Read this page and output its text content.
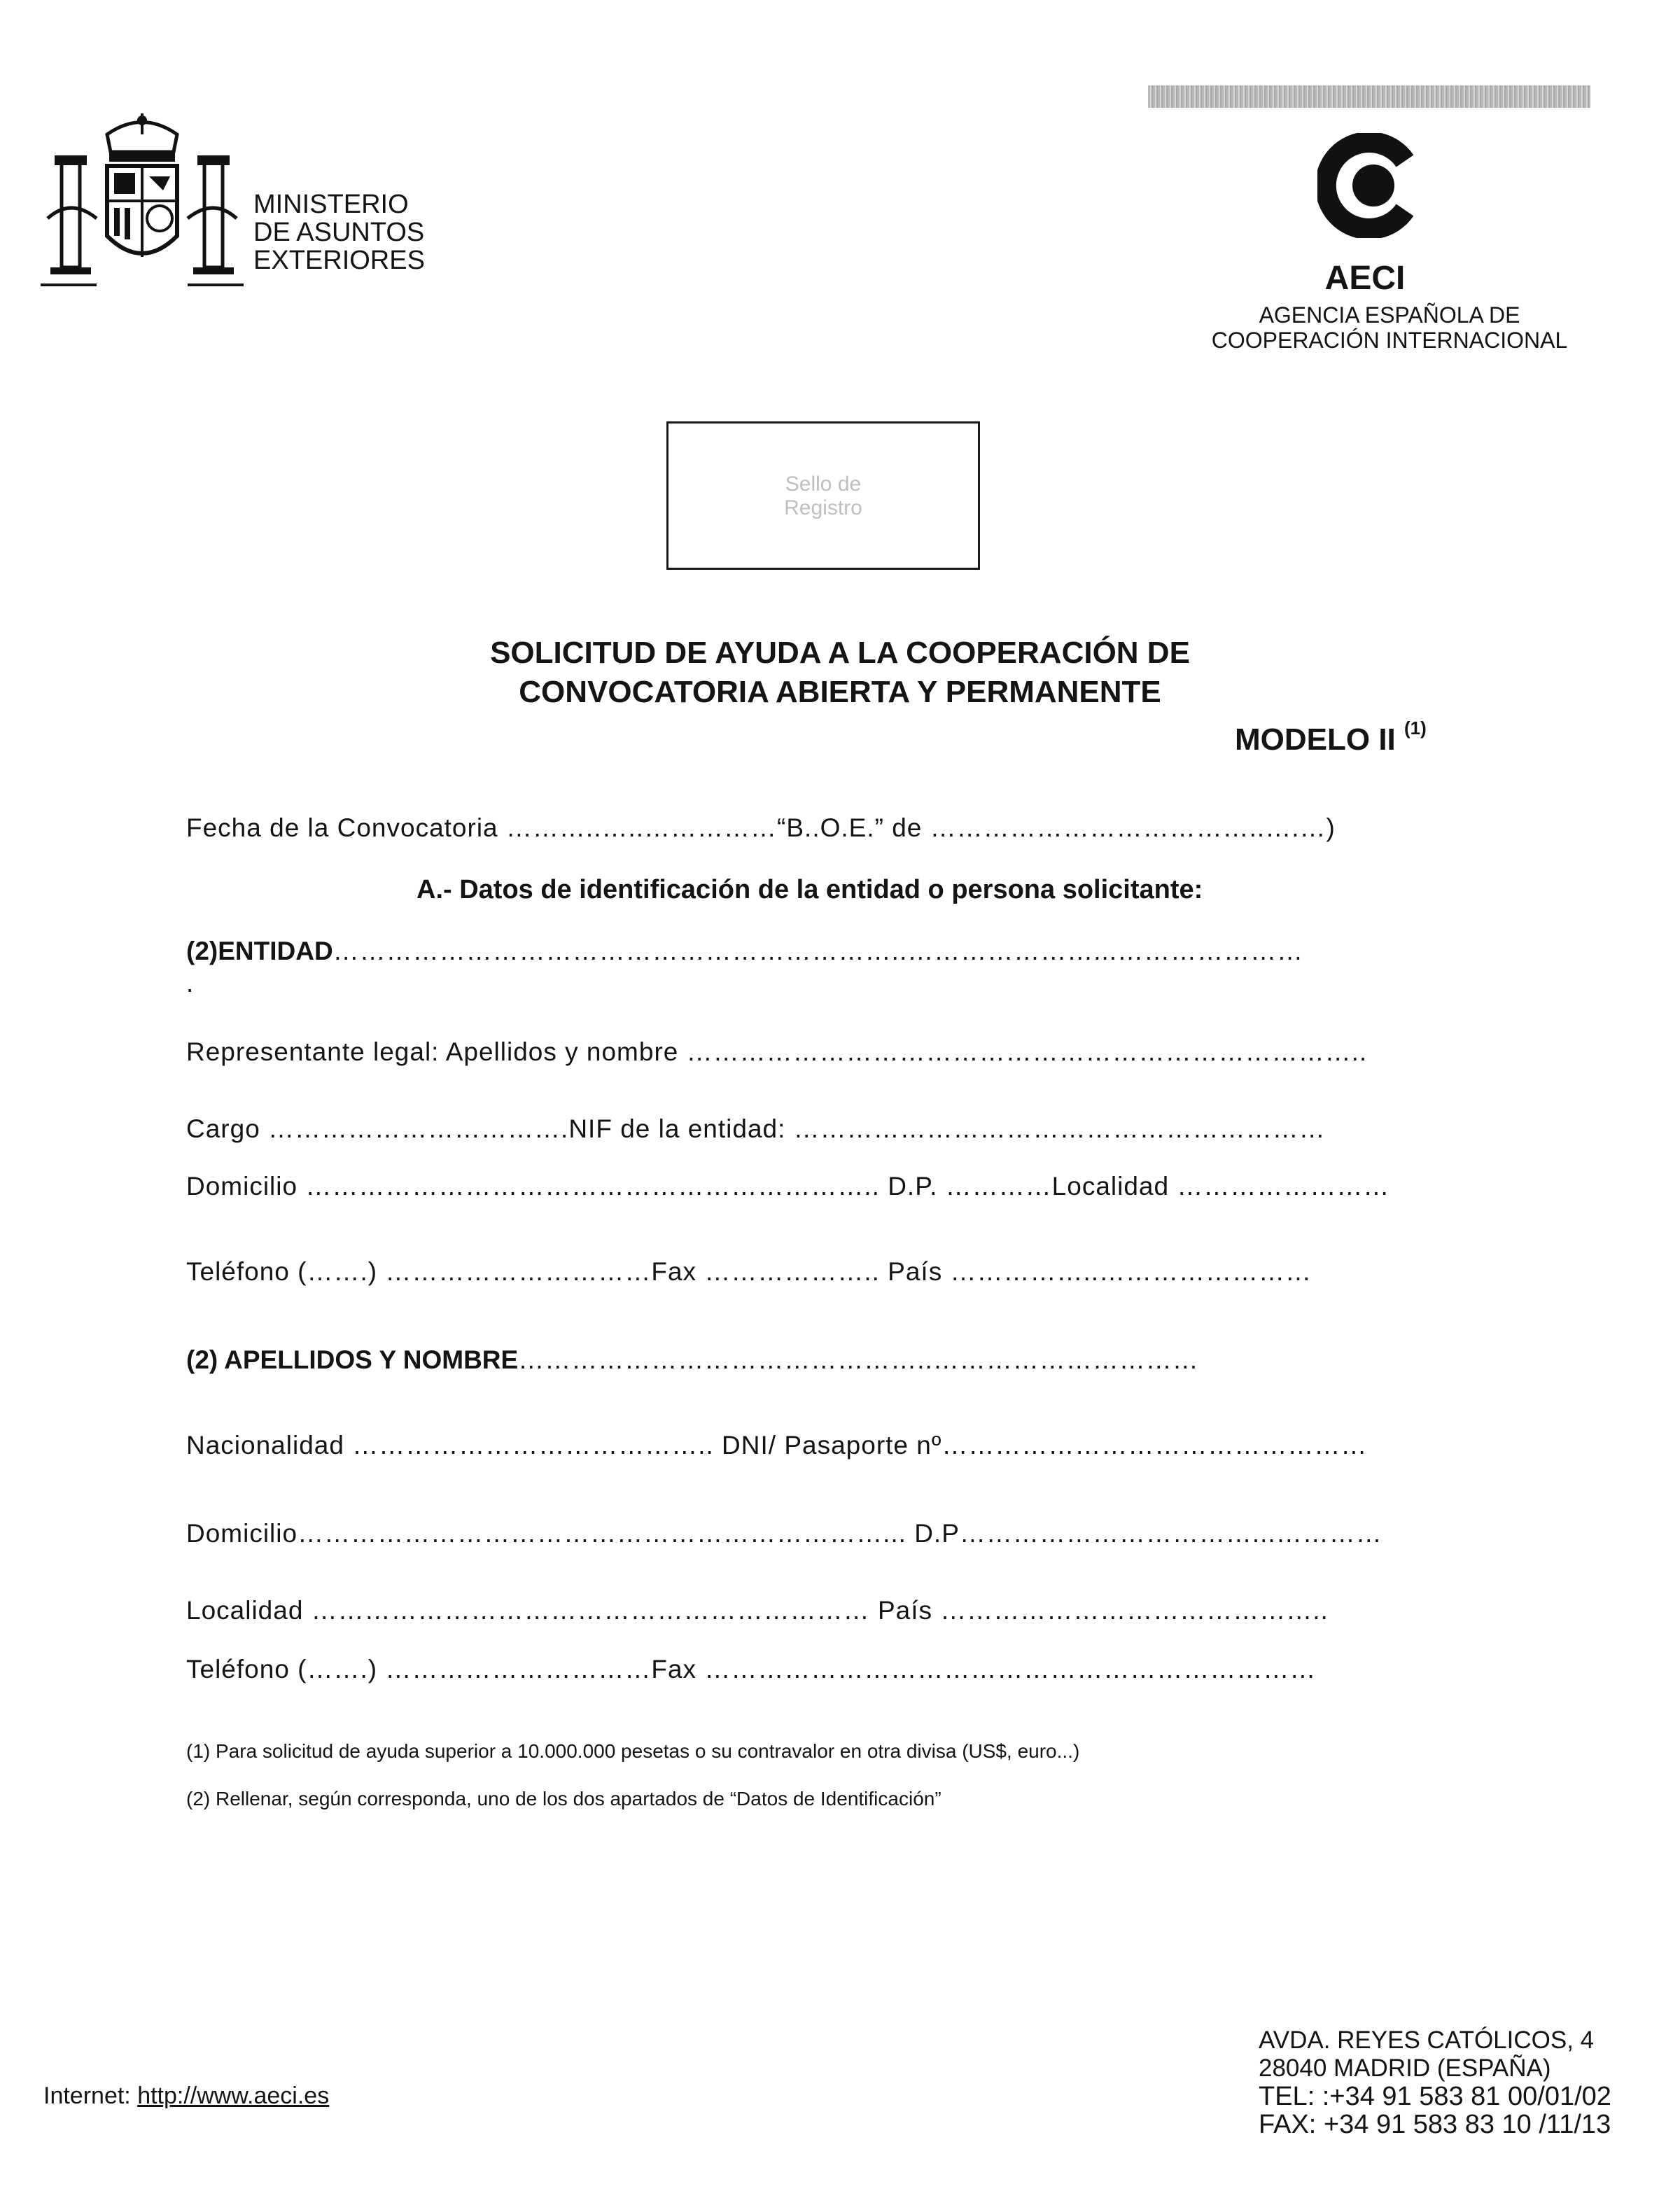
MINISTERIO
DE ASUNTOS
EXTERIORES	AECI
AGENCIA ESPAÑOLA DE
COOPERACIÓN INTERNACIONAL
Sello de
Registro
SOLICITUD DE AYUDA A LA COOPERACIÓN DE
CONVOCATORIA ABIERTA Y PERMANENTE
MODELO II $^{(1)}$
Fecha de la Convocatoria ………..…..……………“B..O.E.” de ………………………………..….…)
A.- Datos de identificación de la entidad o persona solicitante:
(2)ENTIDAD………………………………………………………..…………………...…………………
.
Representante legal: Apellidos y nombre …………………………………………………………………..
Cargo …………………………….NIF de la entidad: ……………………………………………………
Domicilio ……………………………………………………….. D.P. …………Localidad ……………………
Teléfono (…….) …………………………Fax ……………….. País ……………..……………………
(2) APELLIDOS Y NOMBRE………………………………………..…………………………
Nacionalidad ………………………………….. DNI/ Pasaporte nº…………………………………………
Domicilio…………………………………………………………... D.P……………………………...…………
Localidad ……………………………………………………… País ……………………………………..
Teléfono (…….) …………………………Fax ……………………………………………………………
(1) Para solicitud de ayuda superior a 10.000.000 pesetas o su contravalor en otra divisa (US$, euro...)
(2) Rellenar, según corresponda, uno de los dos apartados de “Datos de Identificación”
Internet: http://www.aeci.es
AVDA. REYES CATÓLICOS, 4
28040 MADRID (ESPAÑA)
TEL: :+34 91 583 81 00/01/02
FAX: +34 91 583 83 10 /11/13
